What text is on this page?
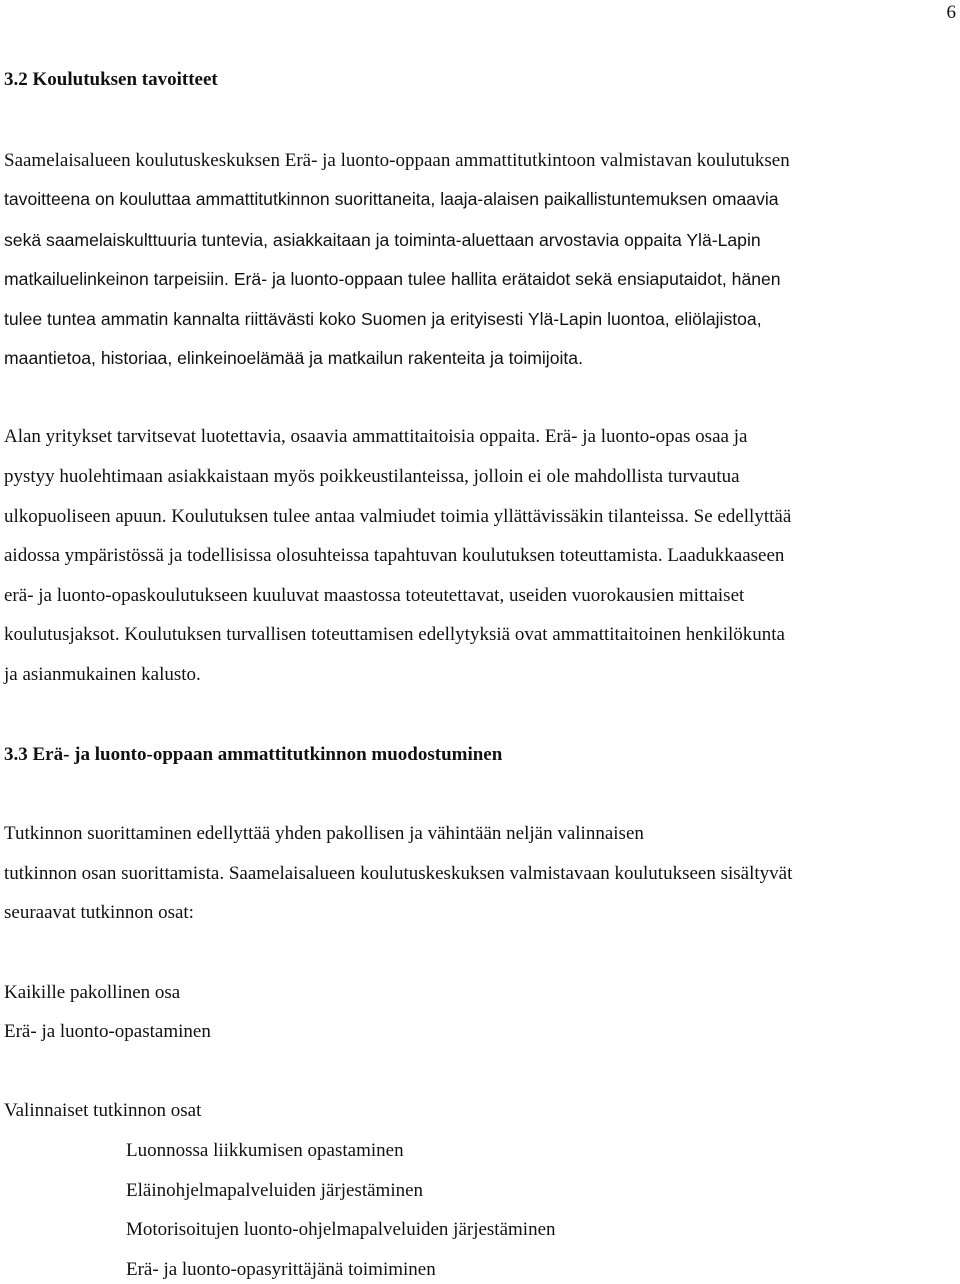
6
3.2 Koulutuksen tavoitteet
Saamelaisalueen koulutuskeskuksen Erä- ja luonto-oppaan ammattitutkintoon valmistavan koulutuksen
tavoitteena on kouluttaa ammattitutkinnon suorittaneita, laaja-alaisen paikallistuntemuksen omaavia
sekä saamelaiskulttuuria tuntevia, asiakkaitaan ja toiminta-aluettaan arvostavia oppaita Ylä-Lapin
matkailuelinkeinon tarpeisiin. Erä- ja luonto-oppaan tulee hallita erätaidot sekä ensiaputaidot, hänen
tulee tuntea ammatin kannalta riittävästi koko Suomen ja erityisesti Ylä-Lapin luontoa, eliölajistoa,
maantietoa, historiaa, elinkeinoelämää ja matkailun rakenteita ja toimijoita.
Alan yritykset tarvitsevat luotettavia, osaavia ammattitaitoisia oppaita. Erä- ja luonto-opas osaa ja
pystyy huolehtimaan asiakkaistaan myös poikkeustilanteissa, jolloin ei ole mahdollista turvautua
ulkopuoliseen apuun. Koulutuksen tulee antaa valmiudet toimia yllättävissäkin tilanteissa. Se edellyttää
aidossa ympäristössä ja todellisissa olosuhteissa tapahtuvan koulutuksen toteuttamista. Laadukkaaseen
erä- ja luonto-opaskoulutukseen kuuluvat maastossa toteutettavat, useiden vuorokausien mittaiset
koulutusjaksot. Koulutuksen turvallisen toteuttamisen edellytyksiä ovat ammattitaitoinen henkilökunta
ja asianmukainen kalusto.
3.3 Erä- ja luonto-oppaan ammattitutkinnon muodostuminen
Tutkinnon suorittaminen edellyttää yhden pakollisen ja vähintään neljän valinnaisen
tutkinnon osan suorittamista. Saamelaisalueen koulutuskeskuksen valmistavaan koulutukseen sisältyvät
seuraavat tutkinnon osat:
Kaikille pakollinen osa
Erä- ja luonto-opastaminen
Valinnaiset tutkinnon osat
Luonnossa liikkumisen opastaminen
Eläinohjelmapalveluiden järjestäminen
Motorisoitujen luonto-ohjelmapalveluiden järjestäminen
Erä- ja luonto-opasyrittäjänä toimiminen
